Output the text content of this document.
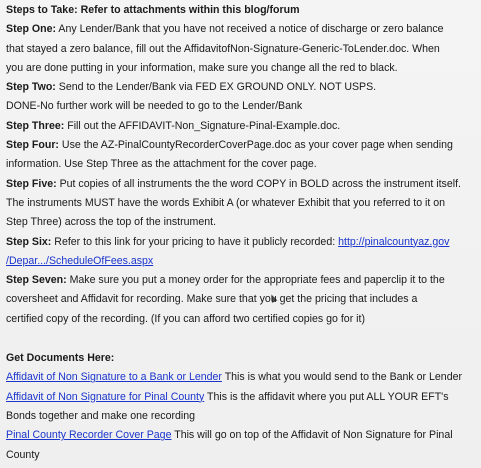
Steps to Take: Refer to attachments within this blog/forum

Step One: Any Lender/Bank that you have not received a notice of discharge or zero balance

that stayed a zero balance, fill out the AffidavitofNon-Signature-Generic-ToLender.doc. When

you are done putting in your information, make sure you change all the red to black.

Step Two: Send to the Lender/Bank via FED EX GROUND ONLY. NOT USPS.

DONE-No further work will be needed to go to the Lender/Bank

Step Three: Fill out the AFFIDAVIT-Non_Signature-Pinal-Example.doc.

Step Four: Use the AZ-PinalCountyRecorderCoverPage.doc as your cover page when sending

information. Use Step Three as the attachment for the cover page.

Step Five: Put copies of all instruments the the word COPY in BOLD across the instrument itself.

The instruments MUST have the words Exhibit A (or whatever Exhibit that you referred to it on

Step Three) across the top of the instrument.

Step Six: Refer to this link for your pricing to have it publicly recorded: http://pinalcountyaz.gov

/Depar.../ScheduleOfFees.aspx

Step Seven: Make sure you put a money order for the appropriate fees and paperclip it to the

coversheet and Affidavit for recording. Make sure that you get the pricing that includes a

certified copy of the recording. (If you can afford two certified copies go for it)

Get Documents Here:

Affidavit of Non Signature to a Bank or Lender This is what you would send to the Bank or Lender

Affidavit of Non Signature for Pinal County This is the affidavit where you put ALL YOUR EFT's

Bonds together and make one recording

Pinal County Recorder Cover Page This will go on top of the Affidavit of Non Signature for Pinal

County
